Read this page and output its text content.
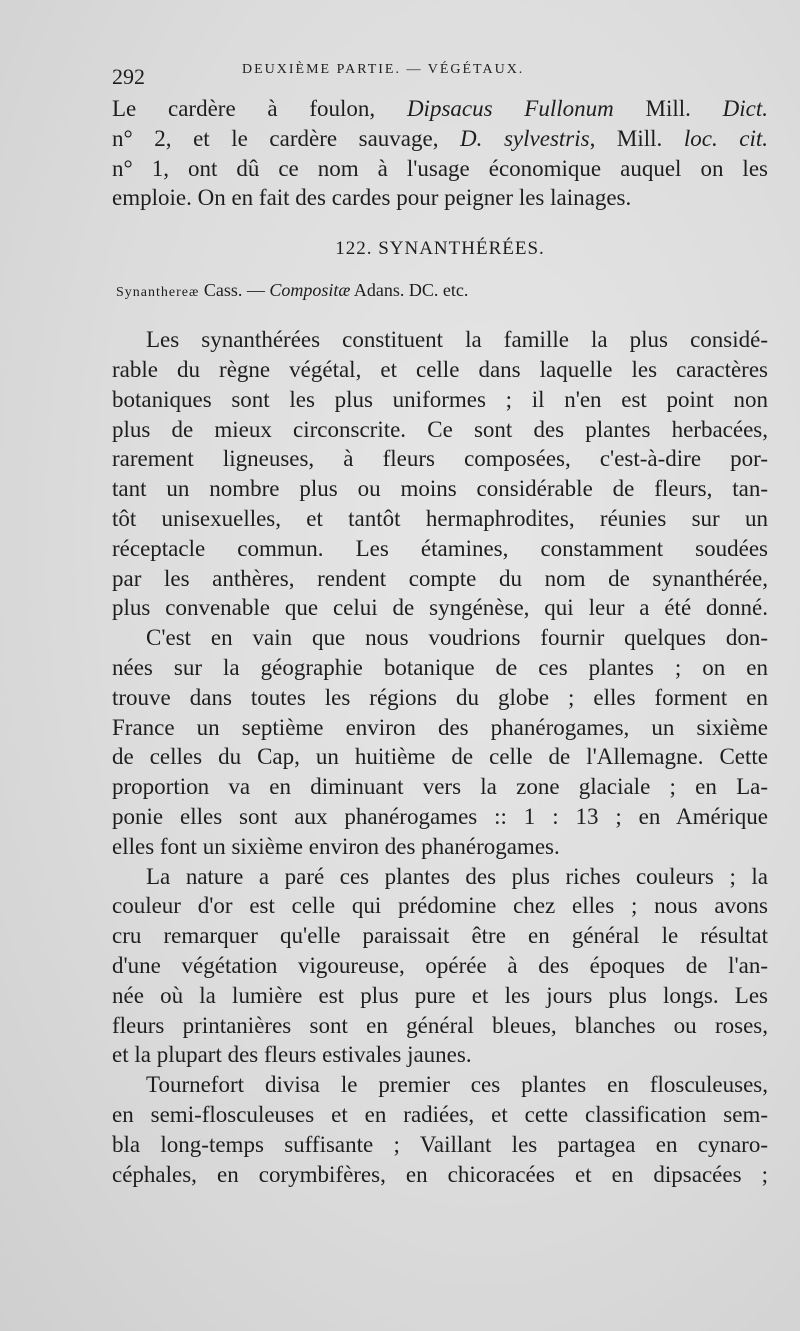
292	DEUXIÈME PARTIE. — VÉGÉTAUX.
Le cardère à foulon, Dipsacus Fullonum Mill. Dict.
n° 2, et le cardère sauvage, D. sylvestris, Mill. loc. cit.
n° 1, ont dû ce nom à l'usage économique auquel on les
emploie. On en fait des cardes pour peigner les lainages.
122. SYNANTHÉRÉES.
Synanthereæ Cass. — Compositæ Adans. DC. etc.
Les synanthérées constituent la famille la plus considé-
rable du règne végétal, et celle dans laquelle les caractères
botaniques sont les plus uniformes ; il n'en est point non
plus de mieux circonscrite. Ce sont des plantes herbacées,
rarement ligneuses, à fleurs composées, c'est-à-dire por-
tant un nombre plus ou moins considérable de fleurs, tan-
tôt unisexuelles, et tantôt hermaphrodites, réunies sur un
réceptacle commun. Les étamines, constamment soudées
par les anthères, rendent compte du nom de synanthérée,
plus convenable que celui de syngénèse, qui leur a été donné.
C'est en vain que nous voudrions fournir quelques don-
nées sur la géographie botanique de ces plantes ; on en
trouve dans toutes les régions du globe ; elles forment en
France un septième environ des phanérogames, un sixième
de celles du Cap, un huitième de celle de l'Allemagne. Cette
proportion va en diminuant vers la zone glaciale ; en La-
ponie elles sont aux phanérogames :: 1 : 13 ; en Amérique
elles font un sixième environ des phanérogames.
La nature a paré ces plantes des plus riches couleurs ; la
couleur d'or est celle qui prédomine chez elles ; nous avons
cru remarquer qu'elle paraissait être en général le résultat
d'une végétation vigoureuse, opérée à des époques de l'an-
née où la lumière est plus pure et les jours plus longs. Les
fleurs printanières sont en général bleues, blanches ou roses,
et la plupart des fleurs estivales jaunes.
Tournefort divisa le premier ces plantes en flosculeuses,
en semi-flosculeuses et en radiées, et cette classification sem-
bla long-temps suffisante ; Vaillant les partagea en cynaro-
céphales, en corymbifères, en chicoracées et en dipsacées ;
